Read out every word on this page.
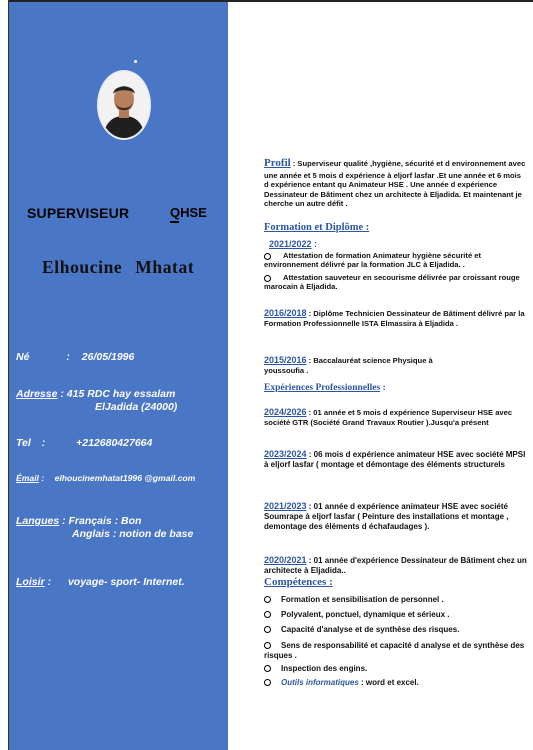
SUPERVISEUR	QHSE
Elhoucine Mhatat
Né	: 26/05/1996
Adresse : 415 RDC hay essalam
ElJadida (24000)
Tel :	+212680427664
Émail : elhoucinemhatat1996 @gmail.com
Langues : Français : Bon
Anglais : notion de base
Loisir : voyage- sport- Internet.
Profil : Superviseur qualité ,hygiène, sécurité et d environnement avec une année et 5 mois d expérience à eljorf lasfar .Et une année et 6 mois d expérience entant qu Animateur HSE . Une année d expérience Dessinateur de Bâtiment chez un architecte à Eljadida. Et maintenant je cherche un autre défit .
Formation et Diplôme :
2021/2022 :
Attestation de formation Animateur hygiène sécurité et environnement délivré par la formation JLC à Eljadida. .
Attestation sauveteur en secourisme délivrée par croissant rouge marocain à Eljadida.
2016/2018 : Diplôme Technicien Dessinateur de Bâtiment délivré par la Formation Professionnelle ISTA Elmassira à Eljadida .
2015/2016 : Baccalauréat science Physique à youssoufia .
Expériences Professionnelles :
2024/2026 : 01 année et 5 mois d expérience Superviseur HSE avec société GTR (Société Grand Travaux Routier ).Jusqu'a présent
2023/2024 : 06 mois d expérience animateur HSE avec société MPSI à eljorf lasfar ( montage et démontage des éléments structurels
2021/2023 : 01 année d expérience animateur HSE avec société Soumrape à eljorf lasfar ( Peinture des installations et montage , demontage des éléments d échafaudages ).
2020/2021 : 01 année d'expérience Dessinateur de Bâtiment chez un architecte à Eljadida..
Compétences :
Formation et sensibilisation de personnel .
Polyvalent, ponctuel, dynamique et sérieux .
Capacité d'analyse et de synthèse des risques.
Sens de responsabilité et capacité d analyse et de synthèse des risques .
Inspection des engins.
Outils informatiques : word et excel.
